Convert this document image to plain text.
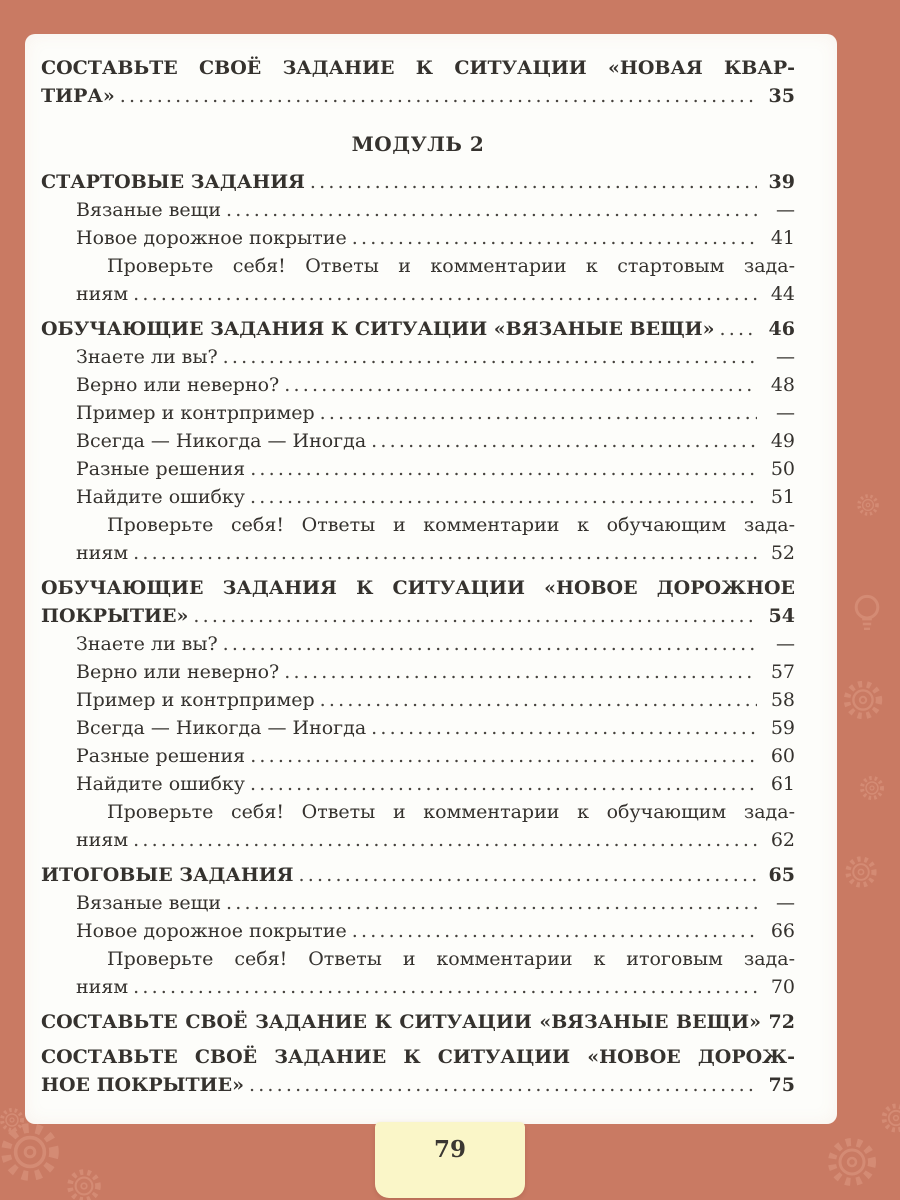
СОСТАВЬТЕ СВОЁ ЗАДАНИЕ К СИТУАЦИИ «НОВАЯ КВАР-
ТИРА» .....	35
МОДУЛЬ 2
СТАРТОВЫЕ ЗАДАНИЯ .....	39
Вязаные вещи .....	—
Новое дорожное покрытие .....	41
Проверьте себя! Ответы и комментарии к стартовым зада-
ниям .....	44
ОБУЧАЮЩИЕ ЗАДАНИЯ К СИТУАЦИИ «ВЯЗАНЫЕ ВЕЩИ» .....	46
Знаете ли вы? .....	—
Верно или неверно? .....	48
Пример и контрпример .....	—
Всегда — Никогда — Иногда .....	49
Разные решения .....	50
Найдите ошибку .....	51
Проверьте себя! Ответы и комментарии к обучающим зада-
ниям .....	52
ОБУЧАЮЩИЕ ЗАДАНИЯ К СИТУАЦИИ «НОВОЕ ДОРОЖНОЕ
ПОКРЫТИЕ» .....	54
Знаете ли вы? .....	—
Верно или неверно? .....	57
Пример и контрпример .....	58
Всегда — Никогда — Иногда .....	59
Разные решения .....	60
Найдите ошибку .....	61
Проверьте себя! Ответы и комментарии к обучающим зада-
ниям .....	62
ИТОГОВЫЕ ЗАДАНИЯ .....	65
Вязаные вещи .....	—
Новое дорожное покрытие .....	66
Проверьте себя! Ответы и комментарии к итоговым зада-
ниям .....	70
СОСТАВЬТЕ СВОЁ ЗАДАНИЕ К СИТУАЦИИ «ВЯЗАНЫЕ ВЕЩИ» 72
СОСТАВЬТЕ СВОЁ ЗАДАНИЕ К СИТУАЦИИ «НОВОЕ ДОРОЖ-
НОЕ ПОКРЫТИЕ» .....	75
79
